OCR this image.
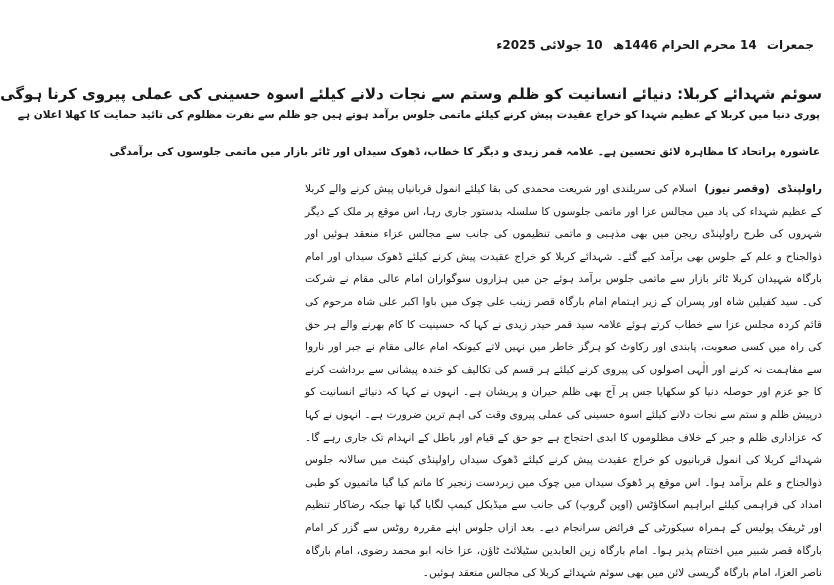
جمعرات 14 محرم الحرام 1446ھ 10 جولائی 2025ء
سوئم شہدائے کربلا: دنیائے انسانیت کو ظلم وستم سے نجات دلانے کیلئے اسوہ حسینی کی عملی پیروی کرنا ہوگی
پوری دنیا میں کربلا کے عظیم شہدا کو خراج عقیدت پیش کرنے کیلئے ماتمی جلوس برآمد ہوتے ہیں جو ظلم سے نفرت مظلوم کی تائید حمایت کا کھلا اعلان ہے
عاشورہ پراتحاد کا مظاہرہ لائق تحسین ہے۔ علامہ قمر زیدی و دیگر کا خطاب، ڈھوک سیداں اور ٹائر بازار میں ماتمی جلوسوں کی برآمدگی
راولپنڈی  (وقصر نیوز)  اسلام کی سربلندی اور شریعت محمدی کی بقا کیلئے انمول قربانیاں پیش کرنے والے کربلا کے عظیم شہداء کی یاد میں مجالس عزا اور ماتمی جلوسوں کا سلسلہ بدستور جاری رہا، اس موقع پر ملک کے دیگر شہروں کی طرح راولپنڈی ریجن میں بھی مذہبی و ماتمی تنظیموں کی جانب سے مجالس عزاء منعقد ہوئیں اور ذوالجناح و علم کے جلوس بھی برآمد کیے گئے۔ شہدائے کربلا کو خراج عقیدت پیش کرنے کیلئے ڈھوک سیداں اور امام بارگاہ شہیدان کربلا ٹائر بازار سے ماتمی جلوس برآمد ہوئے جن میں ہزاروں سوگواران امام عالی مقام نے شرکت کی۔ سید کفیلین شاہ اور پسران کے زیر اہتمام امام بارگاہ قصر زینب علی چوک میں باوا اکبر علی شاہ مرحوم کی قائم کردہ مجلس عزا سے خطاب کرتے ہوئے علامہ سید قمر حیدر زیدی نے کہا کہ حسینیت کا کام بھرنے والے ہر حق کی راہ میں کسی صعوبت، پابندی اور رکاوٹ کو ہرگز خاطر میں نہیں لاتے کیونکہ امام عالی مقام نے جبر اور ناروا سے مفاہمت نہ کرنے اور الٰہی اصولوں کی پیروی کرنے کیلئے ہر قسم کی تکالیف کو خندہ پیشانی سے برداشت کرنے کا جو عزم اور حوصلہ دنیا کو سکھایا جس پر آج بھی ظلم حیران و پریشان ہے۔ انہوں نے کہا کہ دنیائے انسانیت کو درپیش ظلم و ستم سے نجات دلانے کیلئے اسوہ حسینی کی عملی پیروی وقت کی اہم ترین ضرورت ہے۔ انہوں نے کہا کہ عزاداری ظلم و جبر کے خلاف مظلوموں کا ابدی احتجاج ہے جو حق کے قیام اور باطل کے انہدام تک جاری رہے گا۔ شہدائے کربلا کی انمول قربانیوں کو خراج عقیدت پیش کرنے کیلئے ڈھوک سیداں راولپنڈی کینٹ میں سالانہ جلوس ذوالجناح و علم برآمد ہوا۔ اس موقع پر ڈھوک سیداں میں چوک میں زبردست زنجیر کا ماتم کیا گیا ماتمیوں کو طبی امداد کی فراہمی کیلئے ابراہیم اسکاؤٹس (اوپن گروپ) کی جانب سے میڈیکل کیمپ لگایا گیا تھا جبکہ رضاکار تنظیم اور ٹریفک پولیس کے ہمراہ سیکورٹی کے فرائض سرانجام دیے۔ بعد ازاں جلوس اپنے مقررہ روٹس سے گزر کر امام بارگاہ قصر شبیر میں اختتام پذیر ہوا۔ امام بارگاہ زین العابدین سٹیلائٹ ٹاؤن، عزا خانہ ابو محمد رضوی، امام بارگاہ ناصر العزا، امام بارگاہ گریسی لائن میں بھی سوئم شہدائے کربلا کی مجالس منعقد ہوئیں۔
